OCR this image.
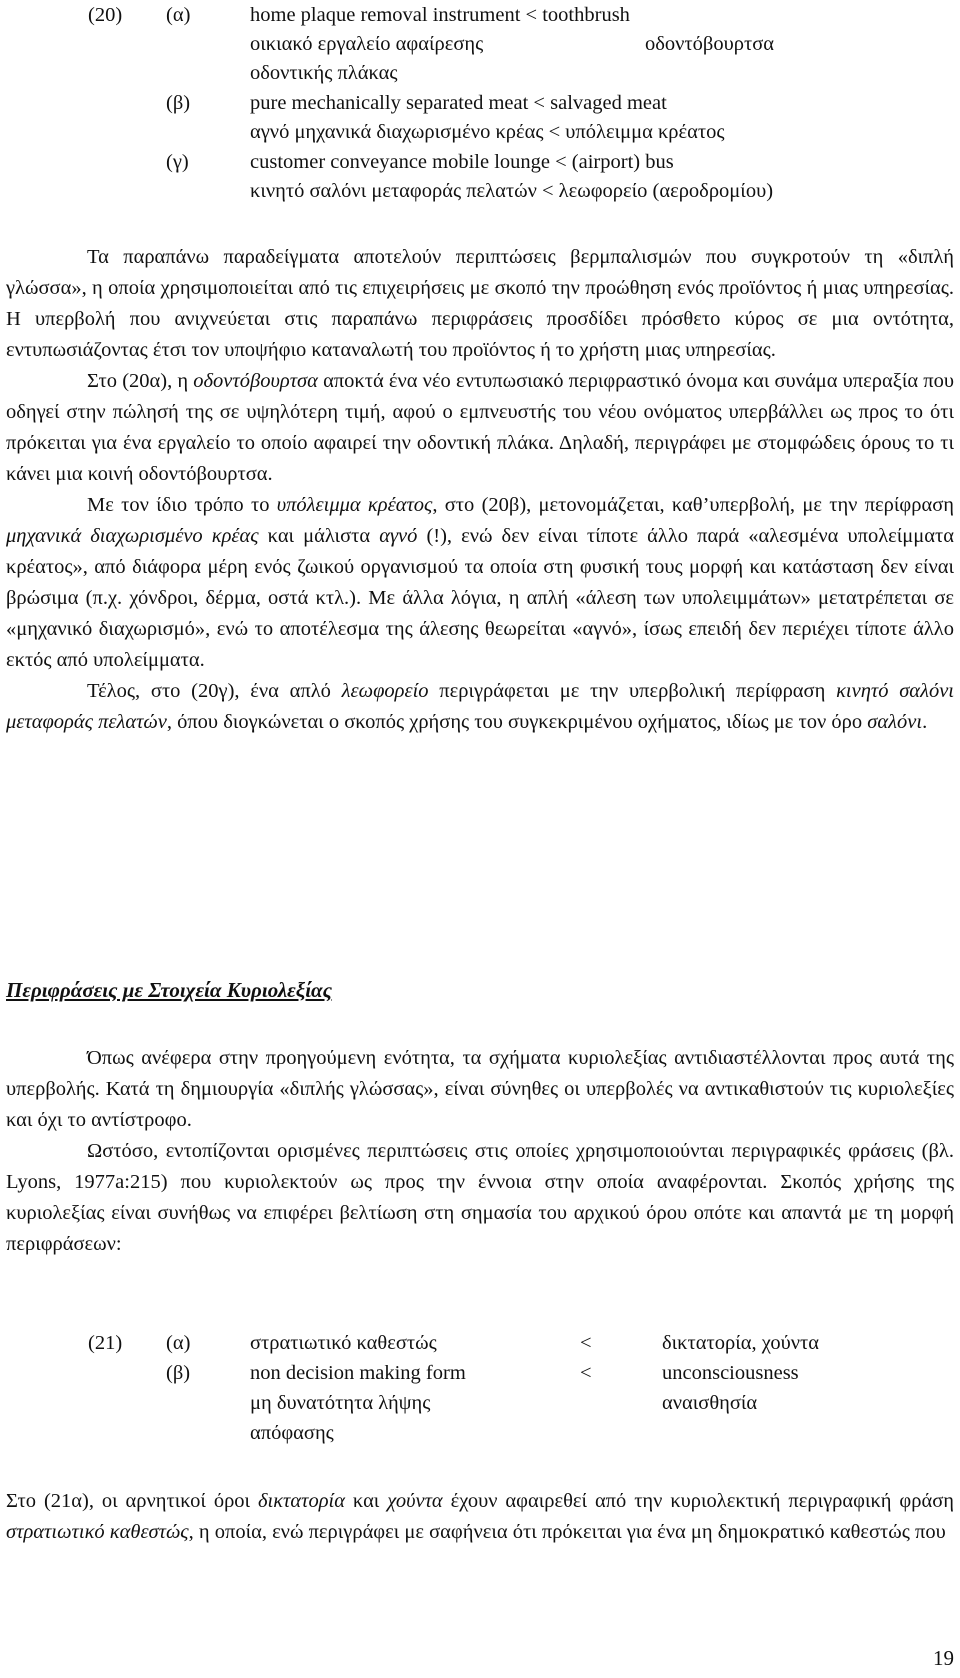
(20) (α)	home plaque removal instrument < toothbrush
οικιακό εργαλείο αφαίρεσης	οδοντόβουρτσα
οδοντικής πλάκας
(β)	pure mechanically separated meat < salvaged meat
αγνό μηχανικά διαχωρισμένο κρέας < υπόλειμμα κρέατος
(γ)	customer conveyance mobile lounge < (airport) bus
κινητό σαλόνι μεταφοράς πελατών < λεωφορείο (αεροδρομίου)

Τα παραπάνω παραδείγματα αποτελούν περιπτώσεις βερμπαλισμών που συγκροτούν τη «διπλή γλώσσα», η οποία χρησιμοποιείται από τις επιχειρήσεις με σκοπό την προώθηση ενός προϊόντος ή μιας υπηρεσίας. Η υπερβολή που ανιχνεύεται στις παραπάνω περιφράσεις προσδίδει πρόσθετο κύρος σε μια οντότητα, εντυπωσιάζοντας έτσι τον υποψήφιο καταναλωτή του προϊόντος ή το χρήστη μιας υπηρεσίας.

Στο (20α), η οδοντόβουρτσα αποκτά ένα νέο εντυπωσιακό περιφραστικό όνομα και συνάμα υπεραξία που οδηγεί στην πώλησή της σε υψηλότερη τιμή, αφού ο εμπνευστής του νέου ονόματος υπερβάλλει ως προς το ότι πρόκειται για ένα εργαλείο το οποίο αφαιρεί την οδοντική πλάκα. Δηλαδή, περιγράφει με στομφώδεις όρους το τι κάνει μια κοινή οδοντόβουρτσα.

Με τον ίδιο τρόπο το υπόλειμμα κρέατος, στο (20β), μετονομάζεται, καθ’υπερβολή, με την περίφραση μηχανικά διαχωρισμένο κρέας και μάλιστα αγνό (!), ενώ δεν είναι τίποτε άλλο παρά «αλεσμένα υπολείμματα κρέατος», από διάφορα μέρη ενός ζωικού οργανισμού τα οποία στη φυσική τους μορφή και κατάσταση δεν είναι βρώσιμα (π.χ. χόνδροι, δέρμα, οστά κτλ.). Με άλλα λόγια, η απλή «άλεση των υπολειμμάτων» μετατρέπεται σε «μηχανικό διαχωρισμό», ενώ το αποτέλεσμα της άλεσης θεωρείται «αγνό», ίσως επειδή δεν περιέχει τίποτε άλλο εκτός από υπολείμματα.

Τέλος, στο (20γ), ένα απλό λεωφορείο περιγράφεται με την υπερβολική περίφραση κινητό σαλόνι μεταφοράς πελατών, όπου διογκώνεται ο σκοπός χρήσης του συγκεκριμένου οχήματος, ιδίως με τον όρο σαλόνι.

Περιφράσεις με Στοιχεία Κυριολεξίας

Όπως ανέφερα στην προηγούμενη ενότητα, τα σχήματα κυριολεξίας αντιδιαστέλλονται προς αυτά της υπερβολής. Κατά τη δημιουργία «διπλής γλώσσας», είναι σύνηθες οι υπερβολές να αντικαθιστούν τις κυριολεξίες και όχι το αντίστροφο.

Ωστόσο, εντοπίζονται ορισμένες περιπτώσεις στις οποίες χρησιμοποιούνται περιγραφικές φράσεις (βλ. Lyons, 1977a:215) που κυριολεκτούν ως προς την έννοια στην οποία αναφέρονται. Σκοπός χρήσης της κυριολεξίας είναι συνήθως να επιφέρει βελτίωση στη σημασία του αρχικού όρου οπότε και απαντά με τη μορφή περιφράσεων:

(21) (α)	στρατιωτικό καθεστώς	<	δικτατορία, χούντα
(β)	non decision making form	<	unconsciousness
μη δυνατότητα λήψης	αναισθησία
απόφασης

Στο (21α), οι αρνητικοί όροι δικτατορία και χούντα έχουν αφαιρεθεί από την κυριολεκτική περιγραφική φράση στρατιωτικό καθεστώς, η οποία, ενώ περιγράφει με σαφήνεια ότι πρόκειται για ένα μη δημοκρατικό καθεστώς που

19
